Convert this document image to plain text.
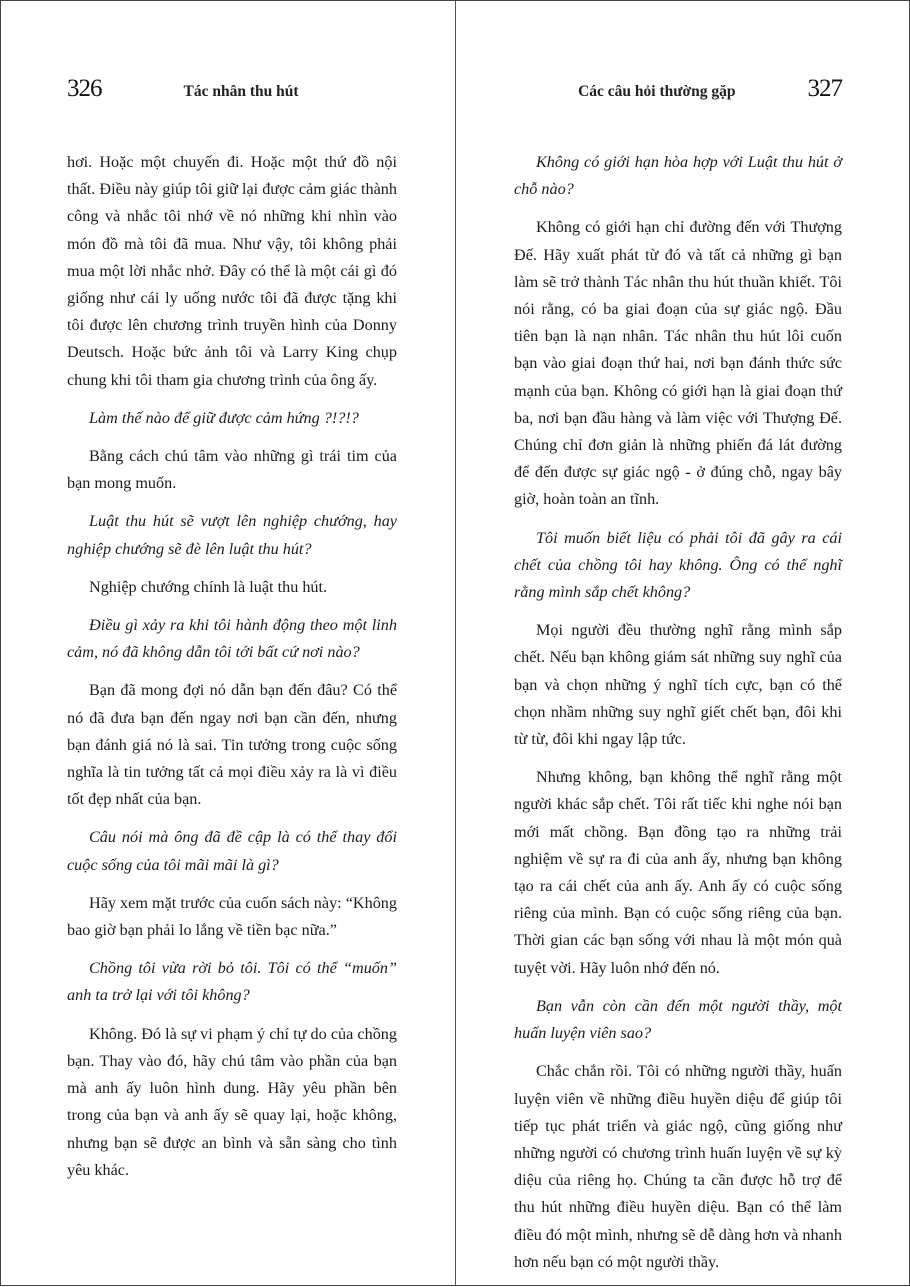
326	Tác nhân thu hút

hơi. Hoặc một chuyến đi. Hoặc một thứ đồ nội thất. Điều này giúp tôi giữ lại được cảm giác thành công và nhắc tôi nhớ về nó những khi nhìn vào món đồ mà tôi đã mua. Như vậy, tôi không phải mua một lời nhắc nhở. Đây có thể là một cái gì đó giống như cái ly uống nước tôi đã được tặng khi tôi được lên chương trình truyền hình của Donny Deutsch. Hoặc bức ảnh tôi và Larry King chụp chung khi tôi tham gia chương trình của ông ấy.

Làm thế nào để giữ được cảm hứng ?!?!?

Bằng cách chú tâm vào những gì trái tim của bạn mong muốn.

Luật thu hút sẽ vượt lên nghiệp chướng, hay nghiệp chướng sẽ đè lên luật thu hút?

Nghiệp chướng chính là luật thu hút.

Điều gì xảy ra khi tôi hành động theo một linh cảm, nó đã không dẫn tôi tới bất cứ nơi nào?

Bạn đã mong đợi nó dẫn bạn đến đâu? Có thể nó đã đưa bạn đến ngay nơi bạn cần đến, nhưng bạn đánh giá nó là sai. Tin tưởng trong cuộc sống nghĩa là tin tưởng tất cả mọi điều xảy ra là vì điều tốt đẹp nhất của bạn.

Câu nói mà ông đã đề cập là có thể thay đổi cuộc sống của tôi mãi mãi là gì?

Hãy xem mặt trước của cuốn sách này: “Không bao giờ bạn phải lo lắng về tiền bạc nữa.”

Chồng tôi vừa rời bỏ tôi. Tôi có thể “muốn” anh ta trở lại với tôi không?

Không. Đó là sự vi phạm ý chí tự do của chồng bạn. Thay vào đó, hãy chú tâm vào phần của bạn mà anh ấy luôn hình dung. Hãy yêu phần bên trong của bạn và anh ấy sẽ quay lại, hoặc không, nhưng bạn sẽ được an bình và sẵn sàng cho tình yêu khác.

Các câu hỏi thường gặp	327

Không có giới hạn hòa hợp với Luật thu hút ở chỗ nào?

Không có giới hạn chỉ đường đến với Thượng Đế. Hãy xuất phát từ đó và tất cả những gì bạn làm sẽ trở thành Tác nhân thu hút thuần khiết. Tôi nói rằng, có ba giai đoạn của sự giác ngộ. Đầu tiên bạn là nạn nhân. Tác nhân thu hút lôi cuốn bạn vào giai đoạn thứ hai, nơi bạn đánh thức sức mạnh của bạn. Không có giới hạn là giai đoạn thứ ba, nơi bạn đầu hàng và làm việc với Thượng Đế. Chúng chỉ đơn giản là những phiến đá lát đường để đến được sự giác ngộ - ở đúng chỗ, ngay bây giờ, hoàn toàn an tĩnh.

Tôi muốn biết liệu có phải tôi đã gây ra cái chết của chồng tôi hay không. Ông có thể nghĩ rằng mình sắp chết không?

Mọi người đều thường nghĩ rằng mình sắp chết. Nếu bạn không giám sát những suy nghĩ của bạn và chọn những ý nghĩ tích cực, bạn có thể chọn nhầm những suy nghĩ giết chết bạn, đôi khi từ từ, đôi khi ngay lập tức.

Nhưng không, bạn không thể nghĩ rằng một người khác sắp chết. Tôi rất tiếc khi nghe nói bạn mới mất chồng. Bạn đồng tạo ra những trải nghiệm về sự ra đi của anh ấy, nhưng bạn không tạo ra cái chết của anh ấy. Anh ấy có cuộc sống riêng của mình. Bạn có cuộc sống riêng của bạn. Thời gian các bạn sống với nhau là một món quà tuyệt vời. Hãy luôn nhớ đến nó.

Bạn vẫn còn cần đến một người thầy, một huấn luyện viên sao?

Chắc chắn rồi. Tôi có những người thầy, huấn luyện viên về những điều huyền diệu để giúp tôi tiếp tục phát triển và giác ngộ, cũng giống như những người có chương trình huấn luyện về sự kỳ diệu của riêng họ. Chúng ta cần được hỗ trợ để thu hút những điều huyền diệu. Bạn có thể làm điều đó một mình, nhưng sẽ dễ dàng hơn và nhanh hơn nếu bạn có một người thầy.
